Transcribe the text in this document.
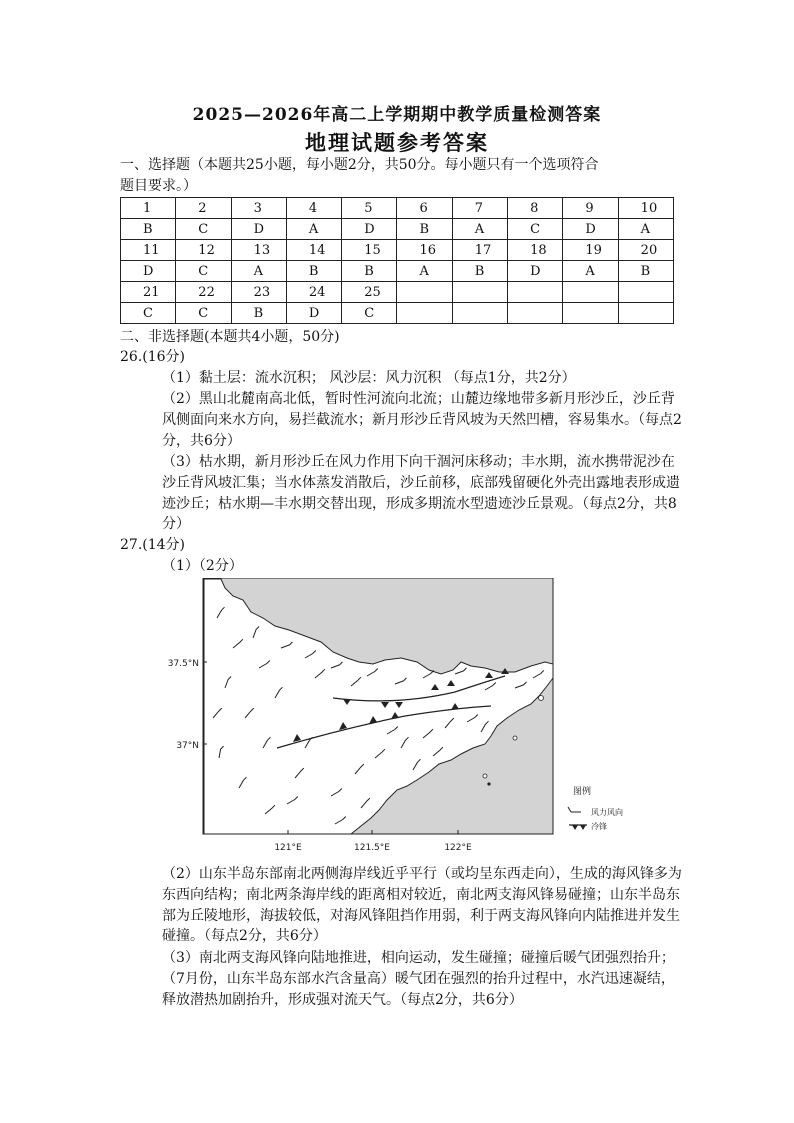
2025—2026年高二上学期期中教学质量检测答案
地理试题参考答案
一、选择题（本题共25小题，每小题2分，共50分。每小题只有一个选项符合
题目要求。）
1	2	3	4	5	6	7	8	9	10
B	C	D	A	D	B	A	C	D	A
11	12	13	14	15	16	17	18	19	20
D	C	A	B	B	A	B	D	A	B
21	22	23	24	25					
C	C	B	D	C					
二、非选择题(本题共4小题，50分)
26.(16分)
（1）黏土层：流水沉积； 风沙层：风力沉积 （每点1分，共2分）
（2）黑山北麓南高北低，暂时性河流向北流；山麓边缘地带多新月形沙丘，沙丘背风侧面向来水方向，易拦截流水；新月形沙丘背风坡为天然凹槽，容易集水。（每点2分，共6分）
（3）枯水期，新月形沙丘在风力作用下向干涸河床移动；丰水期，流水携带泥沙在沙丘背风坡汇集；当水体蒸发消散后，沙丘前移，底部残留硬化外壳出露地表形成遗迹沙丘；枯水期—丰水期交替出现，形成多期流水型遗迹沙丘景观。（每点2分，共8分）
27.(14分)
（1）（2分）
37.5°N
37°N
121°E	121.5°E	122°E
图例
风力风向
冷锋
（2）山东半岛东部南北两侧海岸线近乎平行（或均呈东西走向），生成的海风锋多为东西向结构；南北两条海岸线的距离相对较近，南北两支海风锋易碰撞；山东半岛东部为丘陵地形，海拔较低，对海风锋阻挡作用弱，利于两支海风锋向内陆推进并发生碰撞。（每点2分，共6分）
（3）南北两支海风锋向陆地推进，相向运动，发生碰撞；碰撞后暖气团强烈抬升；（7月份，山东半岛东部水汽含量高）暖气团在强烈的抬升过程中，水汽迅速凝结，释放潜热加剧抬升，形成强对流天气。（每点2分，共6分）
